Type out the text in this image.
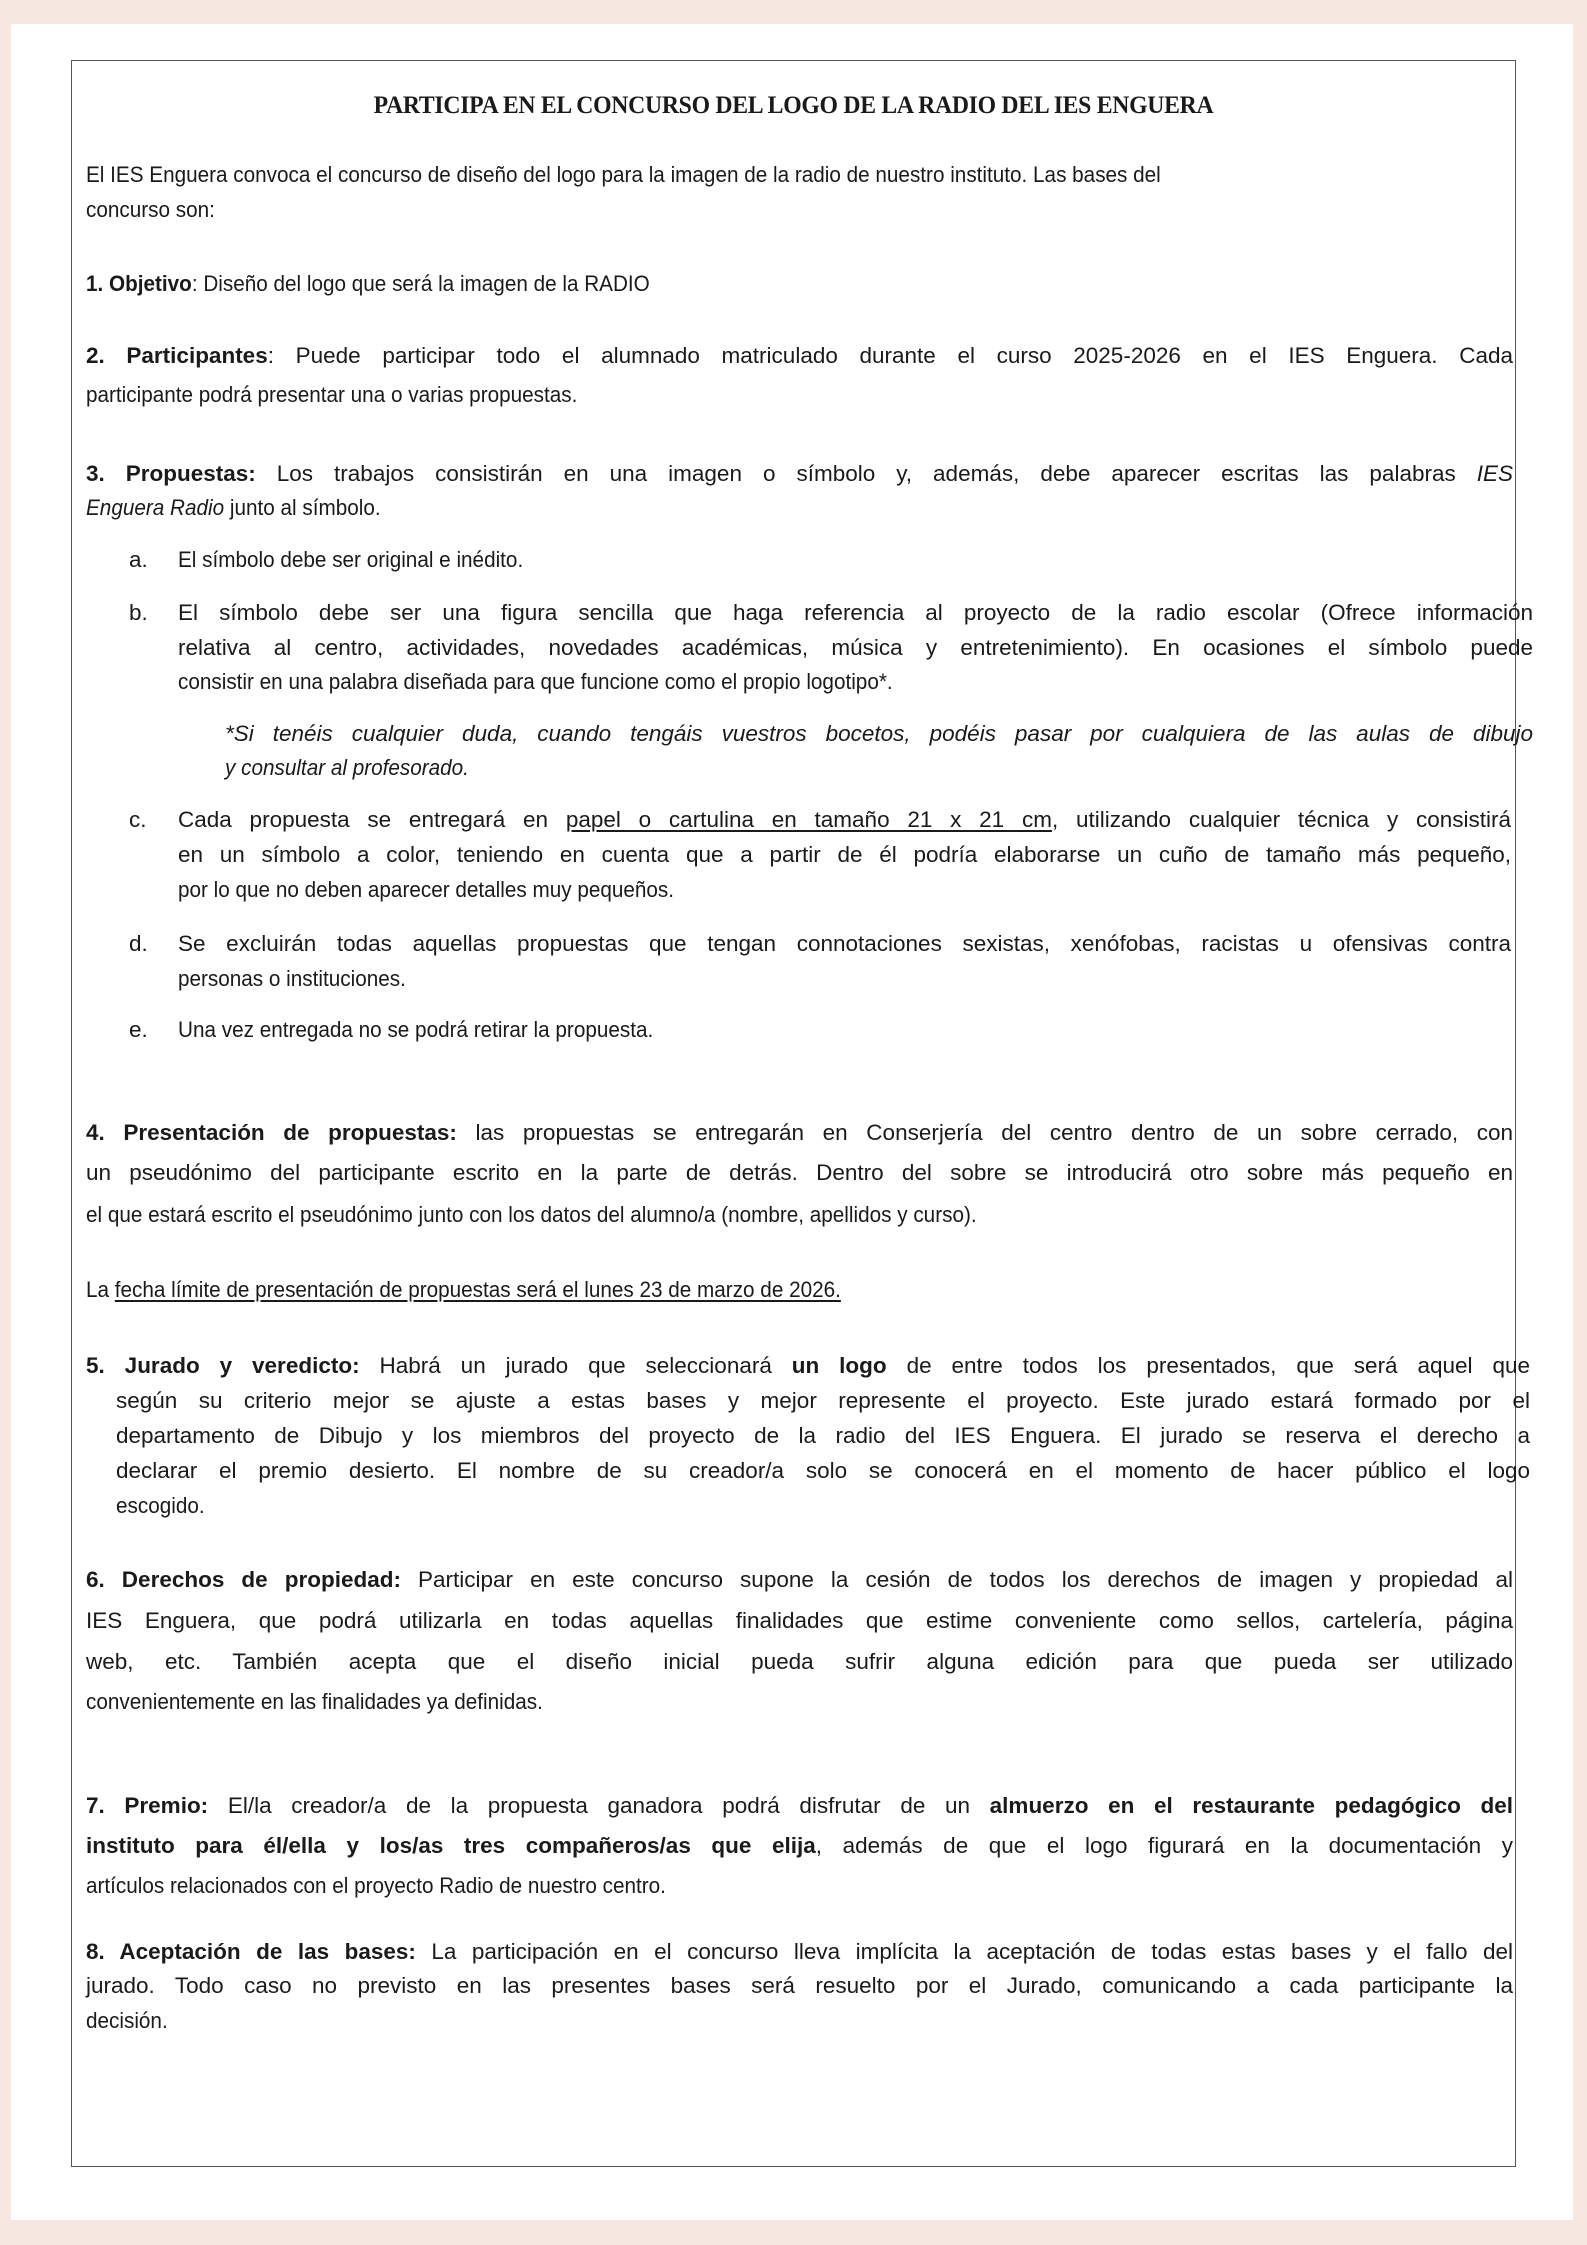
PARTICIPA EN EL CONCURSO DEL LOGO DE LA RADIO DEL IES ENGUERA
El IES Enguera convoca el concurso de diseño del logo para la imagen de la radio de nuestro instituto. Las bases del
concurso son:
1. Objetivo: Diseño del logo que será la imagen de la RADIO
2. Participantes: Puede participar todo el alumnado matriculado durante el curso 2025-2026 en el IES Enguera. Cada
participante podrá presentar una o varias propuestas.
3. Propuestas: Los trabajos consistirán en una imagen o símbolo y, además, debe aparecer escritas las palabras IES
Enguera Radio junto al símbolo.
a. El símbolo debe ser original e inédito.
b. El símbolo debe ser una figura sencilla que haga referencia al proyecto de la radio escolar (Ofrece información
relativa al centro, actividades, novedades académicas, música y entretenimiento). En ocasiones el símbolo puede
consistir en una palabra diseñada para que funcione como el propio logotipo*.
*Si tenéis cualquier duda, cuando tengáis vuestros bocetos, podéis pasar por cualquiera de las aulas de dibujo
y consultar al profesorado.
c. Cada propuesta se entregará en papel o cartulina en tamaño 21 x 21 cm, utilizando cualquier técnica y consistirá
en un símbolo a color, teniendo en cuenta que a partir de él podría elaborarse un cuño de tamaño más pequeño,
por lo que no deben aparecer detalles muy pequeños.
d. Se excluirán todas aquellas propuestas que tengan connotaciones sexistas, xenófobas, racistas u ofensivas contra
personas o instituciones.
e. Una vez entregada no se podrá retirar la propuesta.
4. Presentación de propuestas: las propuestas se entregarán en Conserjería del centro dentro de un sobre cerrado, con
un pseudónimo del participante escrito en la parte de detrás. Dentro del sobre se introducirá otro sobre más pequeño en
el que estará escrito el pseudónimo junto con los datos del alumno/a (nombre, apellidos y curso).
La fecha límite de presentación de propuestas será el lunes 23 de marzo de 2026.
5. Jurado y veredicto: Habrá un jurado que seleccionará un logo de entre todos los presentados, que será aquel que
según su criterio mejor se ajuste a estas bases y mejor represente el proyecto. Este jurado estará formado por el
departamento de Dibujo y los miembros del proyecto de la radio del IES Enguera. El jurado se reserva el derecho a
declarar el premio desierto. El nombre de su creador/a solo se conocerá en el momento de hacer público el logo
escogido.
6. Derechos de propiedad: Participar en este concurso supone la cesión de todos los derechos de imagen y propiedad al
IES Enguera, que podrá utilizarla en todas aquellas finalidades que estime conveniente como sellos, cartelería, página
web, etc. También acepta que el diseño inicial pueda sufrir alguna edición para que pueda ser utilizado
convenientemente en las finalidades ya definidas.
7. Premio: El/la creador/a de la propuesta ganadora podrá disfrutar de un almuerzo en el restaurante pedagógico del
instituto para él/ella y los/as tres compañeros/as que elija, además de que el logo figurará en la documentación y
artículos relacionados con el proyecto Radio de nuestro centro.
8. Aceptación de las bases: La participación en el concurso lleva implícita la aceptación de todas estas bases y el fallo del
jurado. Todo caso no previsto en las presentes bases será resuelto por el Jurado, comunicando a cada participante la
decisión.
